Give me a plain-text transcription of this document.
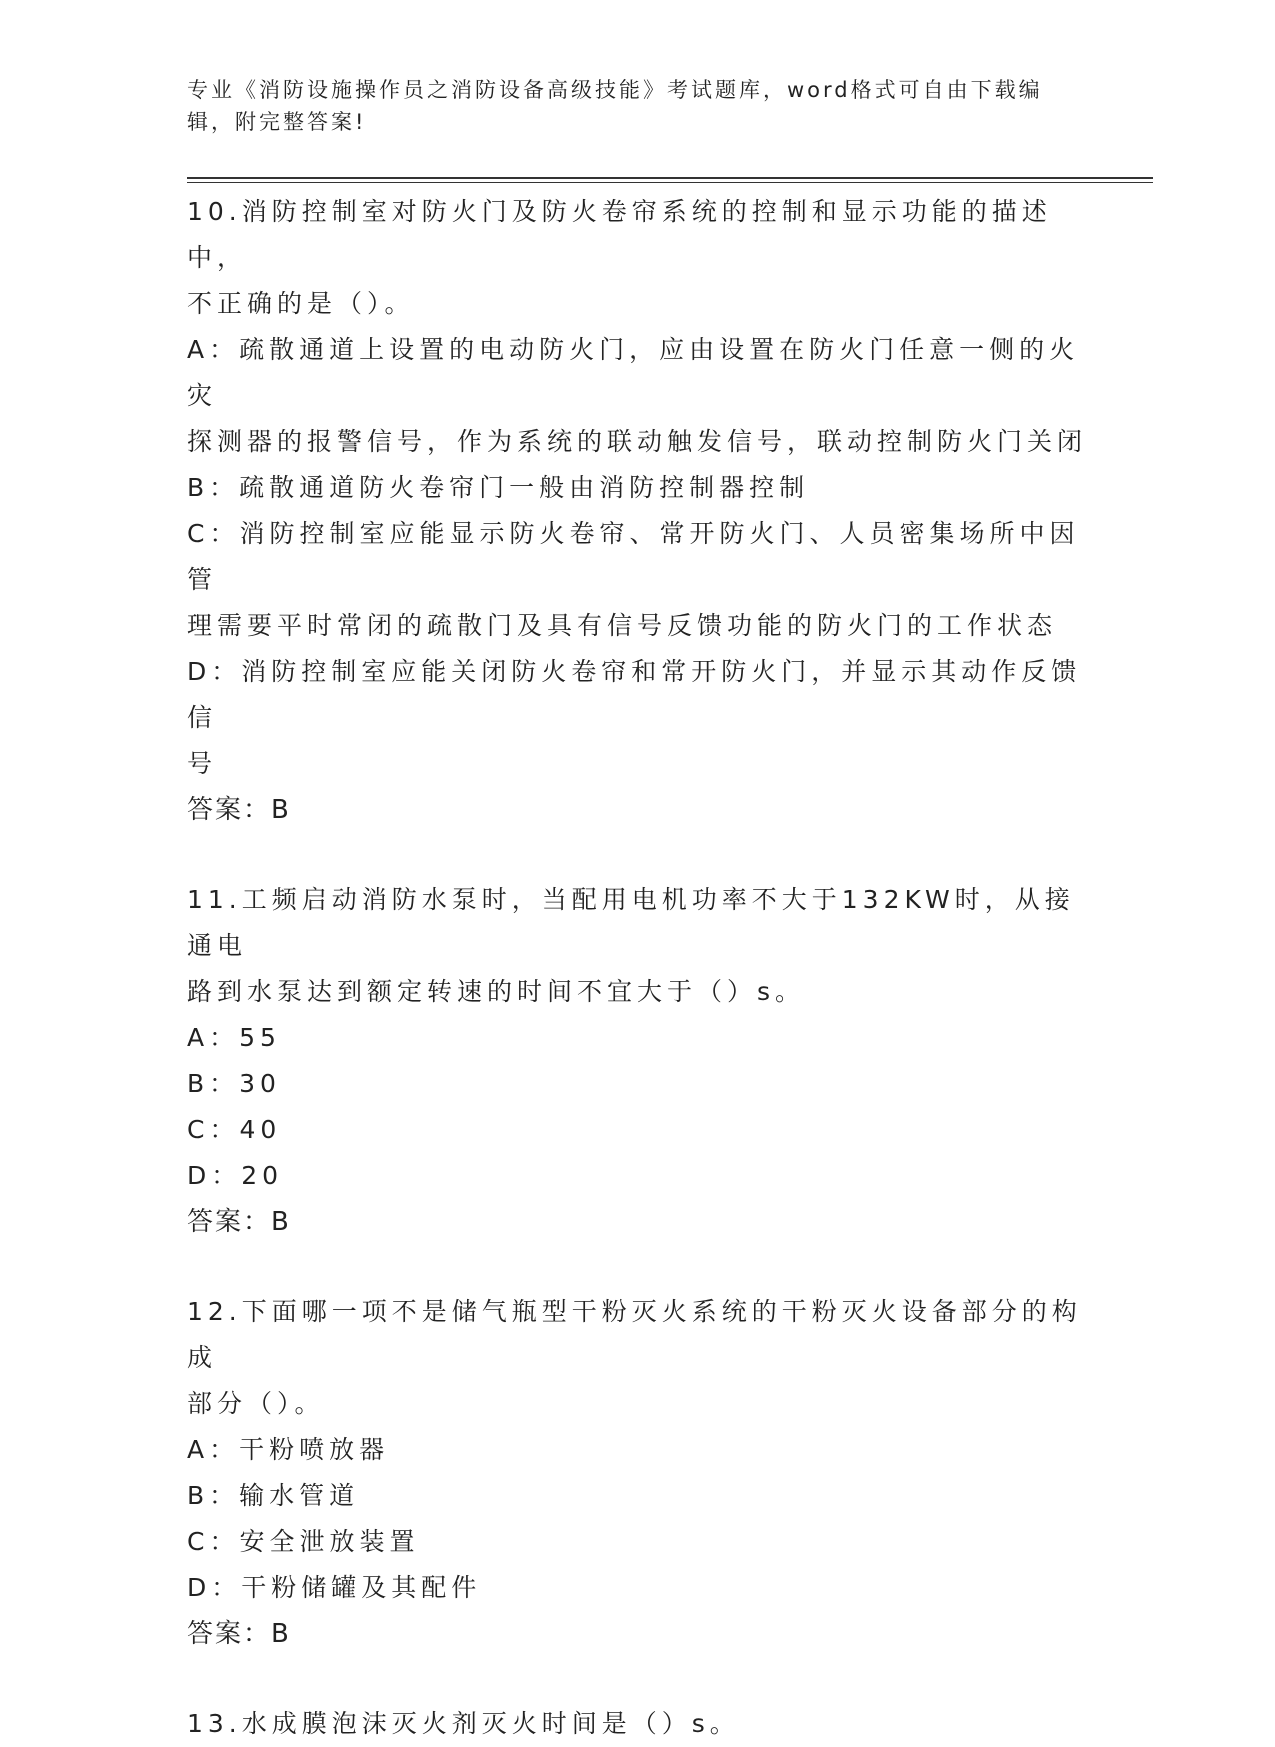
专业《消防设施操作员之消防设备高级技能》考试题库，word格式可自由下载编
辑，附完整答案!
10.消防控制室对防火门及防火卷帘系统的控制和显示功能的描述中，
不正确的是（）。
A：疏散通道上设置的电动防火门，应由设置在防火门任意一侧的火灾
探测器的报警信号，作为系统的联动触发信号，联动控制防火门关闭
B：疏散通道防火卷帘门一般由消防控制器控制
C：消防控制室应能显示防火卷帘、常开防火门、人员密集场所中因管
理需要平时常闭的疏散门及具有信号反馈功能的防火门的工作状态
D：消防控制室应能关闭防火卷帘和常开防火门，并显示其动作反馈信
号
答案：B
11.工频启动消防水泵时，当配用电机功率不大于132KW时，从接通电
路到水泵达到额定转速的时间不宜大于（）s。
A：55
B：30
C：40
D：20
答案：B
12.下面哪一项不是储气瓶型干粉灭火系统的干粉灭火设备部分的构成
部分（）。
A：干粉喷放器
B：输水管道
C：安全泄放装置
D：干粉储罐及其配件
答案：B
13.水成膜泡沫灭火剂灭火时间是（）s。
